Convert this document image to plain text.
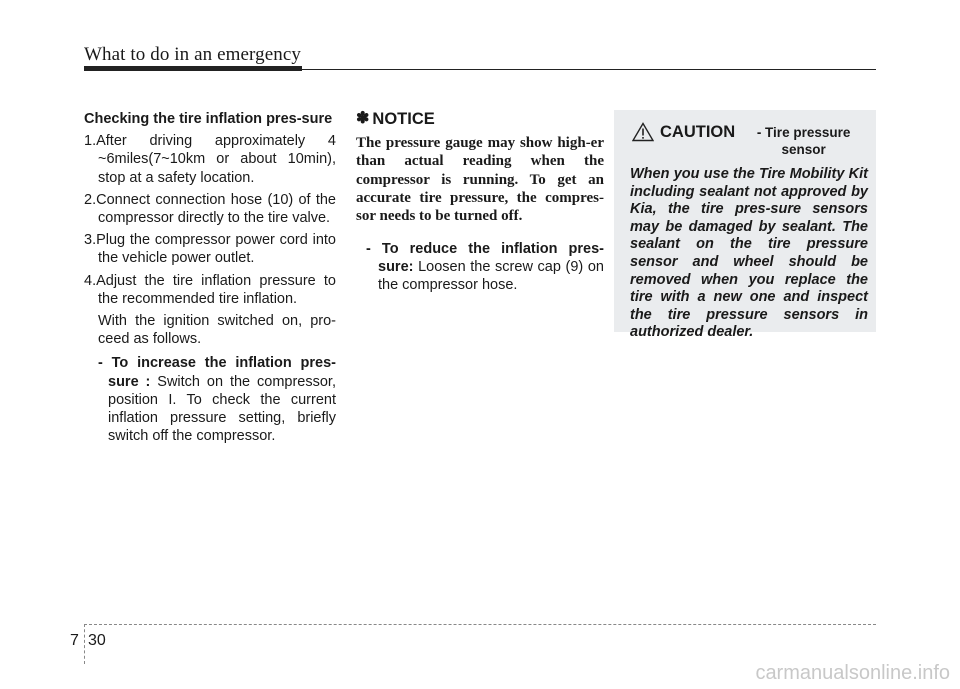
What to do in an emergency

Checking the tire inflation pres-sure

1.After driving approximately 4 ~6miles(7~10km or about 10min), stop at a safety location.

2.Connect connection hose (10) of the compressor directly to the tire valve.

3.Plug the compressor power cord into the vehicle power outlet.

4.Adjust the tire inflation pressure to the recommended tire inflation.

With the ignition switched on, pro-ceed as follows.

- To increase the inflation pres-sure : Switch on the compressor, position I. To check the current inflation pressure setting, briefly switch off the compressor.

✽ NOTICE

The pressure gauge may show high-er than actual reading when the compressor is running. To get an accurate tire pressure, the compres-sor needs to be turned off.

- To reduce the inflation pres-sure: Loosen the screw cap (9) on the compressor hose.

CAUTION	- Tire pressure sensor

When you use the Tire Mobility Kit including sealant not approved by Kia, the tire pres-sure sensors may be damaged by sealant. The sealant on the tire pressure sensor and wheel should be removed when you replace the tire with a new one and inspect the tire pressure sensors in authorized dealer.

7 30
carmanualsonline.info
